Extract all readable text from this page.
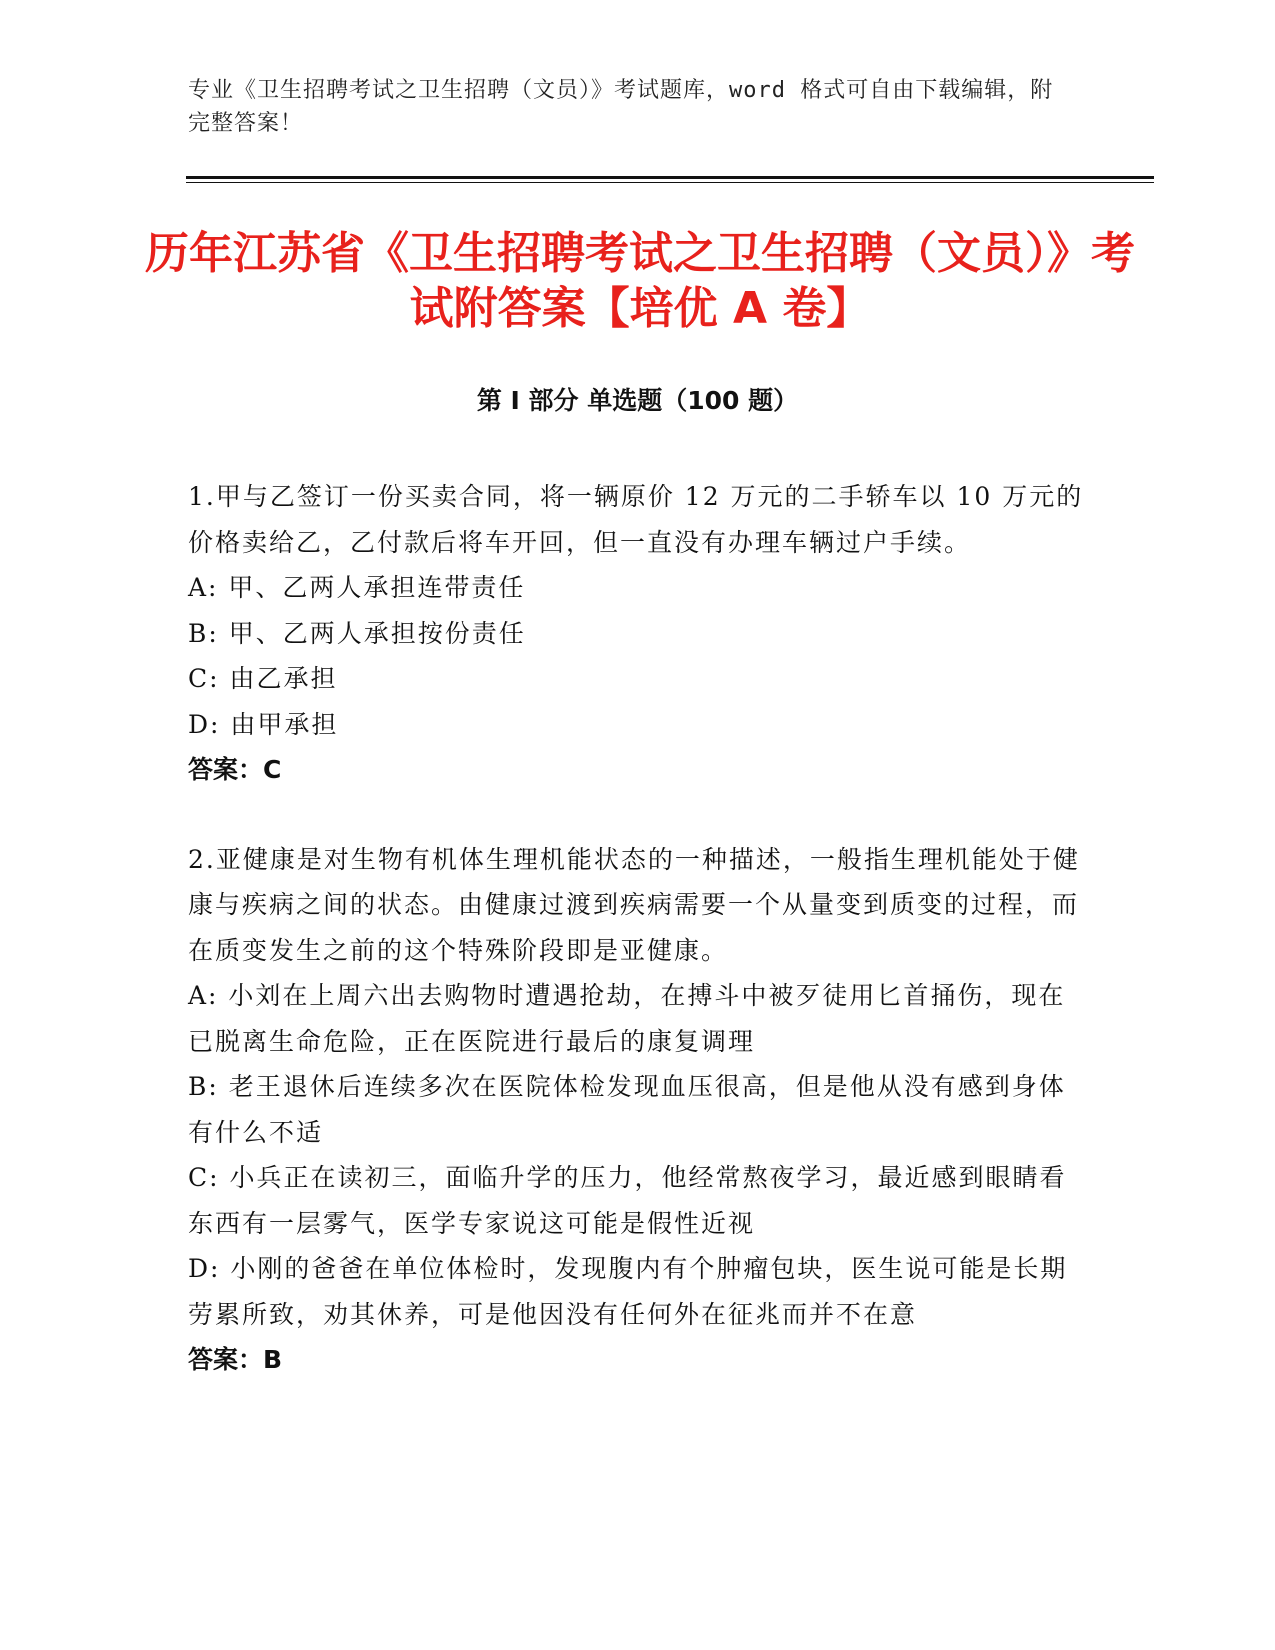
专业《卫生招聘考试之卫生招聘（文员）》考试题库，word 格式可自由下载编辑，附完整答案！
历年江苏省《卫生招聘考试之卫生招聘（文员）》考试附答案【培优 A 卷】
第 I 部分 单选题（100 题）

1.甲与乙签订一份买卖合同，将一辆原价 12 万元的二手轿车以 10 万元的价格卖给乙，乙付款后将车开回，但一直没有办理车辆过户手续。

A: 甲、乙两人承担连带责任

B: 甲、乙两人承担按份责任

C: 由乙承担

D: 由甲承担

答案：C

2.亚健康是对生物有机体生理机能状态的一种描述，一般指生理机能处于健康与疾病之间的状态。由健康过渡到疾病需要一个从量变到质变的过程，而在质变发生之前的这个特殊阶段即是亚健康。

A: 小刘在上周六出去购物时遭遇抢劫，在搏斗中被歹徒用匕首捅伤，现在已脱离生命危险，正在医院进行最后的康复调理

B: 老王退休后连续多次在医院体检发现血压很高，但是他从没有感到身体有什么不适

C: 小兵正在读初三，面临升学的压力，他经常熬夜学习，最近感到眼睛看东西有一层雾气，医学专家说这可能是假性近视

D: 小刚的爸爸在单位体检时，发现腹内有个肿瘤包块，医生说可能是长期劳累所致，劝其休养，可是他因没有任何外在征兆而并不在意

答案：B
